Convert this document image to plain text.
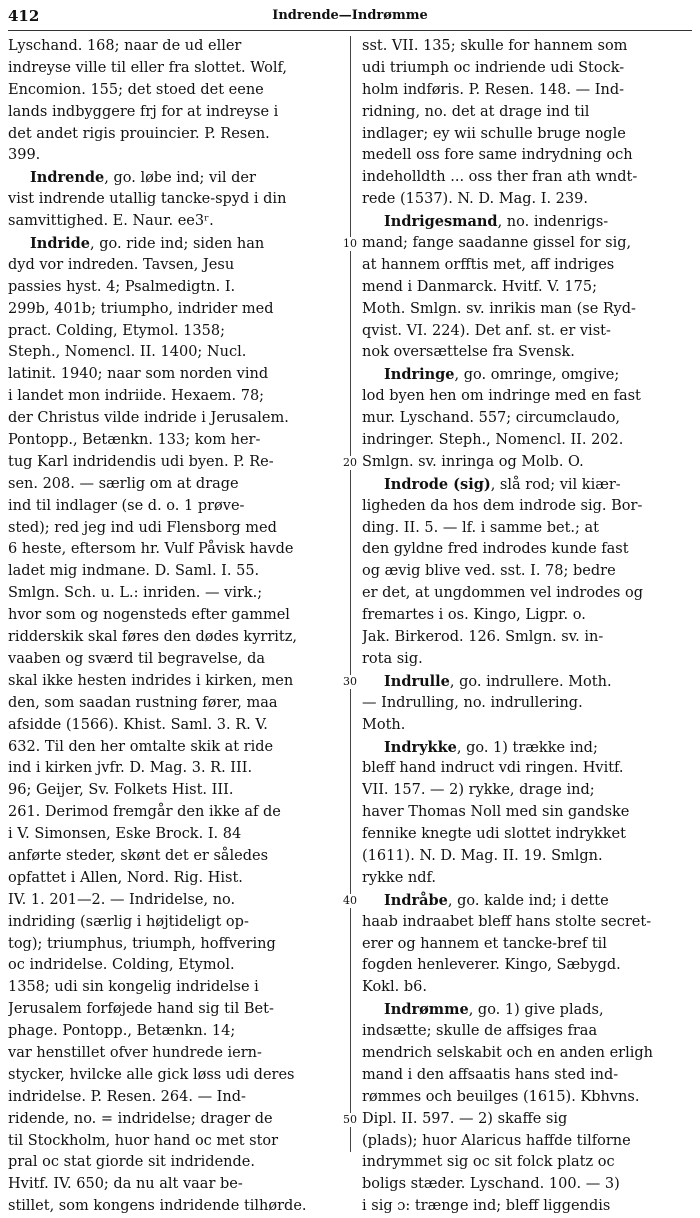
412	Indrende—Indrømme
Lyschand. 168; naar de ud eller
indreyse ville til eller fra slottet. Wolf,
Encomion. 155; det stoed det eene
lands indbyggere frj for at indreyse i
det andet rigis prouincier. P. Resen.
399.
Indrende, go. løbe ind; vil der
vist indrende utallig tancke-spyd i din
samvittighed. E. Naur. ee3ʳ.
Indride, go. ride ind; siden han
dyd vor indreden. Tavsen, Jesu
passies hyst. 4; Psalmedigtn. I.
299b, 401b; triumpho, indrider med
pract. Colding, Etymol. 1358;
Steph., Nomencl. II. 1400; Nucl.
latinit. 1940; naar som norden vind
i landet mon indriide. Hexaem. 78;
der Christus vilde indride i Jerusalem.
Pontopp., Betænkn. 133; kom her-
tug Karl indridendis udi byen. P. Re-
sen. 208. — særlig om at drage
ind til indlager (se d. o. 1 prøve-
sted); red jeg ind udi Flensborg med
6 heste, eftersom hr. Vulf Påvisk havde
ladet mig indmane. D. Saml. I. 55.
Smlgn. Sch. u. L.: inriden. — virk.;
hvor som og nogensteds efter gammel
ridderskik skal føres den dødes kyrritz,
vaaben og sværd til begravelse, da
skal ikke hesten indrides i kirken, men
den, som saadan rustning fører, maa
afsidde (1566). Khist. Saml. 3. R. V.
632. Til den her omtalte skik at ride
ind i kirken jvfr. D. Mag. 3. R. III.
96; Geijer, Sv. Folkets Hist. III.
261. Derimod fremgår den ikke af de
i V. Simonsen, Eske Brock. I. 84
anførte steder, skønt det er således
opfattet i Allen, Nord. Rig. Hist.
IV. 1. 201—2. — Indridelse, no.
indriding (særlig i højtideligt op-
tog); triumphus, triumph, hoffvering
oc indridelse. Colding, Etymol.
1358; udi sin kongelig indridelse i
Jerusalem forføjede hand sig til Bet-
phage. Pontopp., Betænkn. 14;
var henstillet ofver hundrede iern-
stycker, hvilcke alle gick løss udi deres
indridelse. P. Resen. 264. — Ind-
ridende, no. = indridelse; drager de
til Stockholm, huor hand oc met stor
pral oc stat giorde sit indridende.
Hvitf. IV. 650; da nu alt vaar be-
stillet, som kongens indridende tilhørde.
sst. VII. 135; skulle for hannem som
udi triumph oc indriende udi Stock-
holm indføris. P. Resen. 148. — Ind-
ridning, no. det at drage ind til
indlager; ey wii schulle bruge nogle
medell oss fore same indrydning och
indeholldth ... oss ther fran ath wndt-
rede (1537). N. D. Mag. I. 239.
Indrigesmand, no. indenrigs-
mand; fange saadanne gissel for sig,
at hannem orfftis met, aff indriges
mend i Danmarck. Hvitf. V. 175;
Moth. Smlgn. sv. inrikis man (se Ryd-
qvist. VI. 224). Det anf. st. er vist-
nok oversættelse fra Svensk.
Indringe, go. omringe, omgive;
lod byen hen om indringe med en fast
mur. Lyschand. 557; circumclaudo,
indringer. Steph., Nomencl. II. 202.
Smlgn. sv. inringa og Molb. O.
Indrode (sig), slå rod; vil kiær-
ligheden da hos dem indrode sig. Bor-
ding. II. 5. — lf. i samme bet.; at
den gyldne fred indrodes kunde fast
og ævig blive ved. sst. I. 78; bedre
er det, at ungdommen vel indrodes og
fremartes i os. Kingo, Ligpr. o.
Jak. Birkerod. 126. Smlgn. sv. in-
rota sig.
Indrulle, go. indrullere. Moth.
— Indrulling, no. indrullering.
Moth.
Indrykke, go. 1) trække ind;
bleff hand indruct vdi ringen. Hvitf.
VII. 157. — 2) rykke, drage ind;
haver Thomas Noll med sin gandske
fennike knegte udi slottet indrykket
(1611). N. D. Mag. II. 19. Smlgn.
rykke ndf.
Indråbe, go. kalde ind; i dette
haab indraabet bleff hans stolte secret-
erer og hannem et tancke-bref til
fogden henleverer. Kingo, Sæbygd.
Kokl. b6.
Indrømme, go. 1) give plads,
indsætte; skulle de affsiges fraa
mendrich selskabit och en anden erligh
mand i den affsaatis hans sted ind-
rømmes och beuilges (1615). Kbhvns.
Dipl. II. 597. — 2) skaffe sig
(plads); huor Alaricus haffde tilforne
indrymmet sig oc sit folck platz oc
boligs stæder. Lyschand. 100. — 3)
i sig ɔ: trænge ind; bleff liggendis
10
20
30
40
50
